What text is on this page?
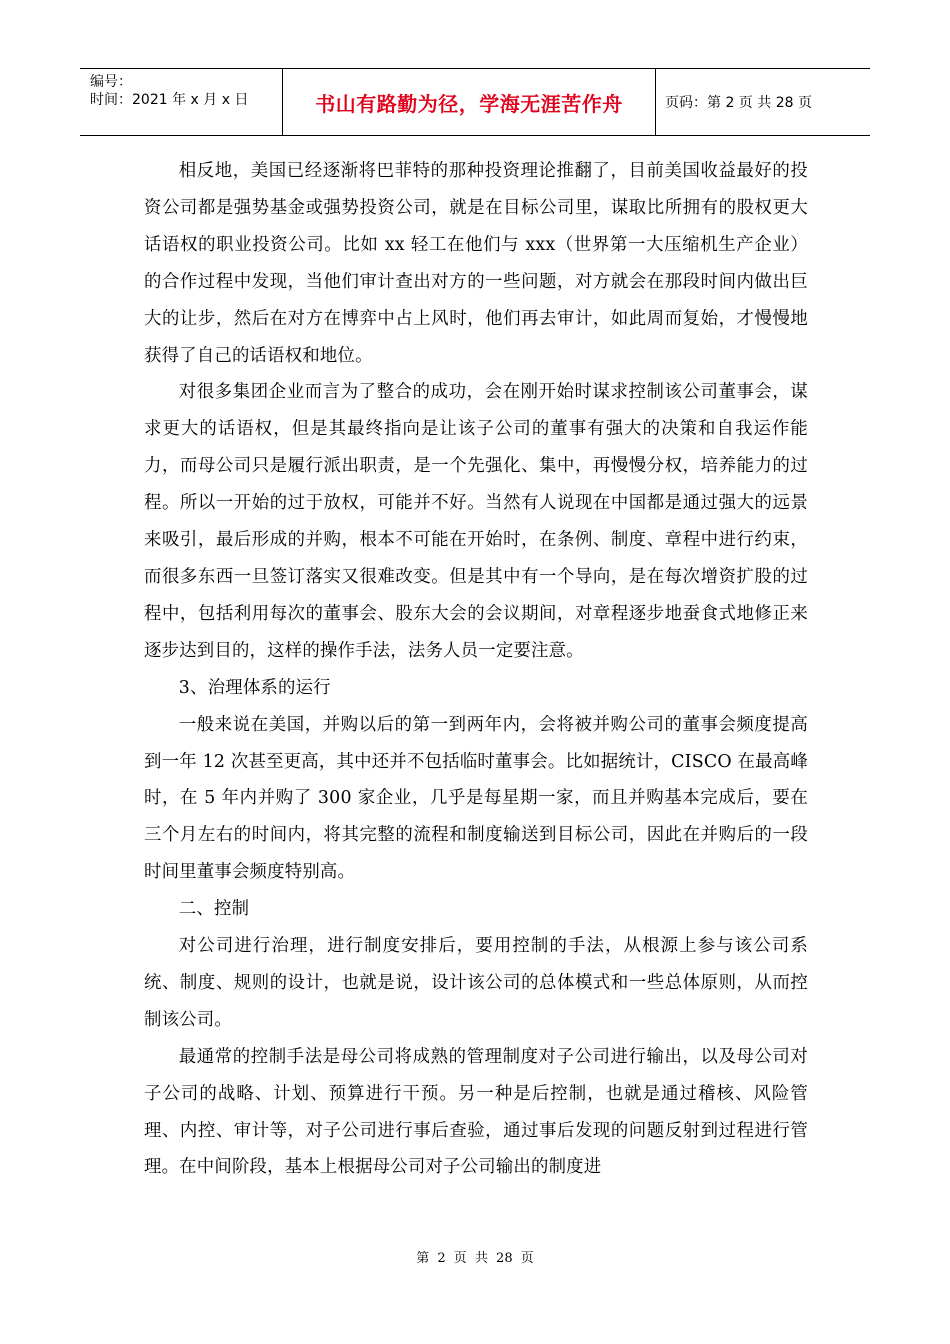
编号：
时间：2021 年 x 月 x 日	书山有路勤为径，学海无涯苦作舟	页码：第 2 页 共 28 页

相反地，美国已经逐渐将巴菲特的那种投资理论推翻了，目前美国收益最好的投资公司都是强势基金或强势投资公司，就是在目标公司里，谋取比所拥有的股权更大话语权的职业投资公司。比如 xx 轻工在他们与 xxx（世界第一大压缩机生产企业）的合作过程中发现，当他们审计查出对方的一些问题，对方就会在那段时间内做出巨大的让步，然后在对方在博弈中占上风时，他们再去审计，如此周而复始，才慢慢地获得了自己的话语权和地位。

对很多集团企业而言为了整合的成功，会在刚开始时谋求控制该公司董事会，谋求更大的话语权，但是其最终指向是让该子公司的董事有强大的决策和自我运作能力，而母公司只是履行派出职责，是一个先强化、集中，再慢慢分权，培养能力的过程。所以一开始的过于放权，可能并不好。当然有人说现在中国都是通过强大的远景来吸引，最后形成的并购，根本不可能在开始时，在条例、制度、章程中进行约束，而很多东西一旦签订落实又很难改变。但是其中有一个导向，是在每次增资扩股的过程中，包括利用每次的董事会、股东大会的会议期间，对章程逐步地蚕食式地修正来逐步达到目的，这样的操作手法，法务人员一定要注意。

3、治理体系的运行

一般来说在美国，并购以后的第一到两年内，会将被并购公司的董事会频度提高到一年 12 次甚至更高，其中还并不包括临时董事会。比如据统计，CISCO 在最高峰时，在 5 年内并购了 300 家企业，几乎是每星期一家，而且并购基本完成后，要在三个月左右的时间内，将其完整的流程和制度输送到目标公司，因此在并购后的一段时间里董事会频度特别高。

二、控制

对公司进行治理，进行制度安排后，要用控制的手法，从根源上参与该公司系统、制度、规则的设计，也就是说，设计该公司的总体模式和一些总体原则，从而控制该公司。

最通常的控制手法是母公司将成熟的管理制度对子公司进行输出，以及母公司对子公司的战略、计划、预算进行干预。另一种是后控制，也就是通过稽核、风险管理、内控、审计等，对子公司进行事后查验，通过事后发现的问题反射到过程进行管理。在中间阶段，基本上根据母公司对子公司输出的制度进

第 2 页 共 28 页
